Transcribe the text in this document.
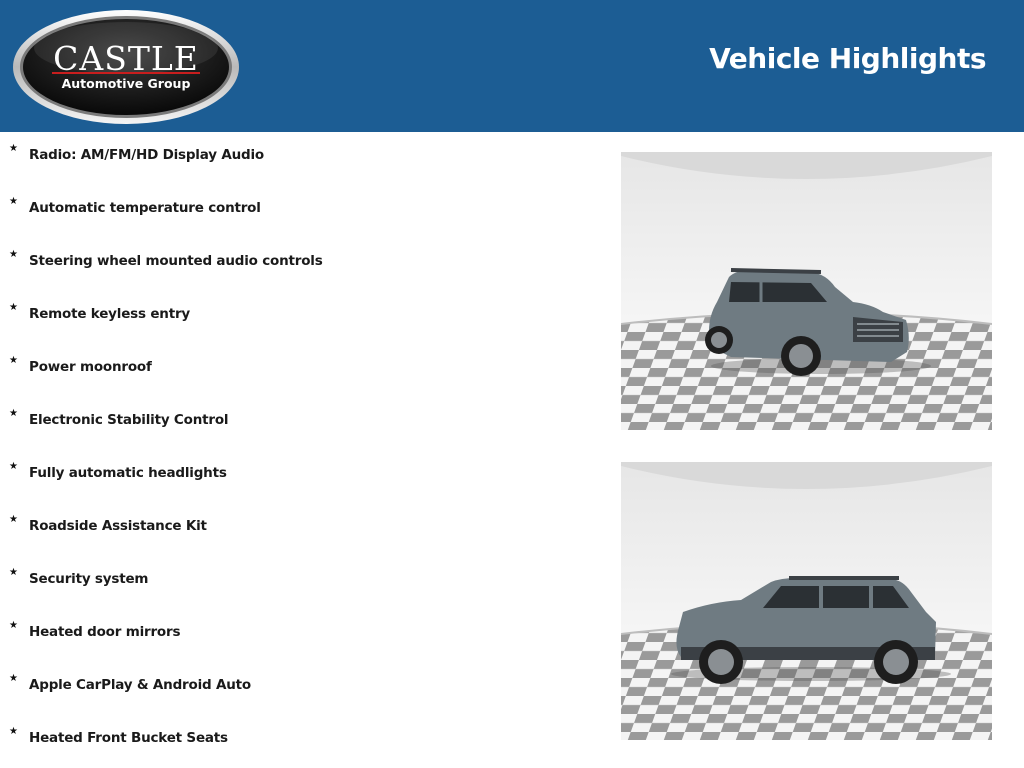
CASTLE
Automotive Group
Vehicle Highlights
★ Radio: AM/FM/HD Display Audio
★ Automatic temperature control
★ Steering wheel mounted audio controls
★ Remote keyless entry
★ Power moonroof
★ Electronic Stability Control
★ Fully automatic headlights
★ Roadside Assistance Kit
★ Security system
★ Heated door mirrors
★ Apple CarPlay & Android Auto
★ Heated Front Bucket Seats
